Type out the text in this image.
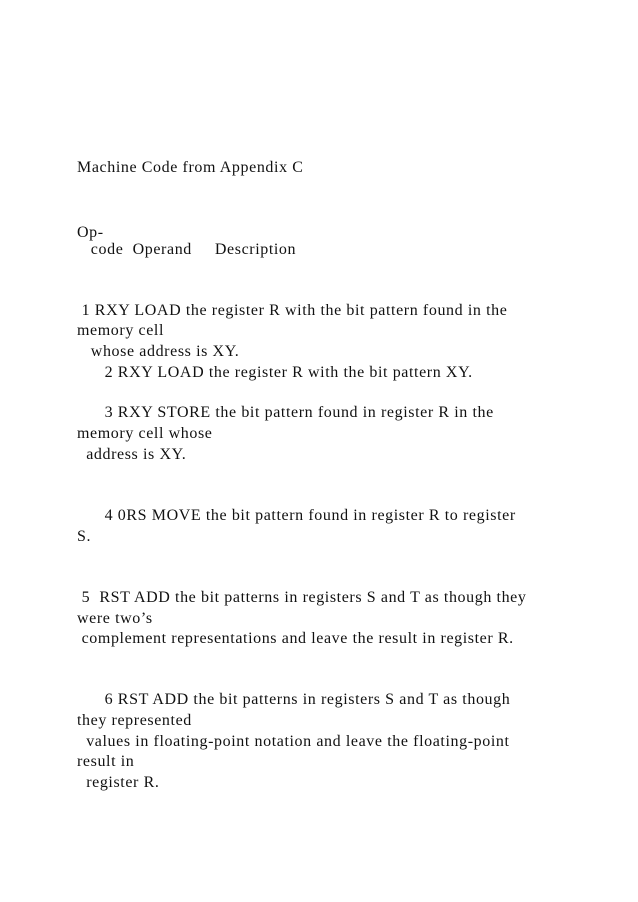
Machine Code from Appendix C
Op-
code  Operand     Description
1 RXY LOAD the register R with the bit pattern found in the
memory cell
whose address is XY.
2 RXY LOAD the register R with the bit pattern XY.
3 RXY STORE the bit pattern found in register R in the
memory cell whose
address is XY.
4 0RS MOVE the bit pattern found in register R to register
S.
5  RST ADD the bit patterns in registers S and T as though they
were two’s
complement representations and leave the result in register R.
6 RST ADD the bit patterns in registers S and T as though
they represented
values in floating-point notation and leave the floating-point
result in
register R.
